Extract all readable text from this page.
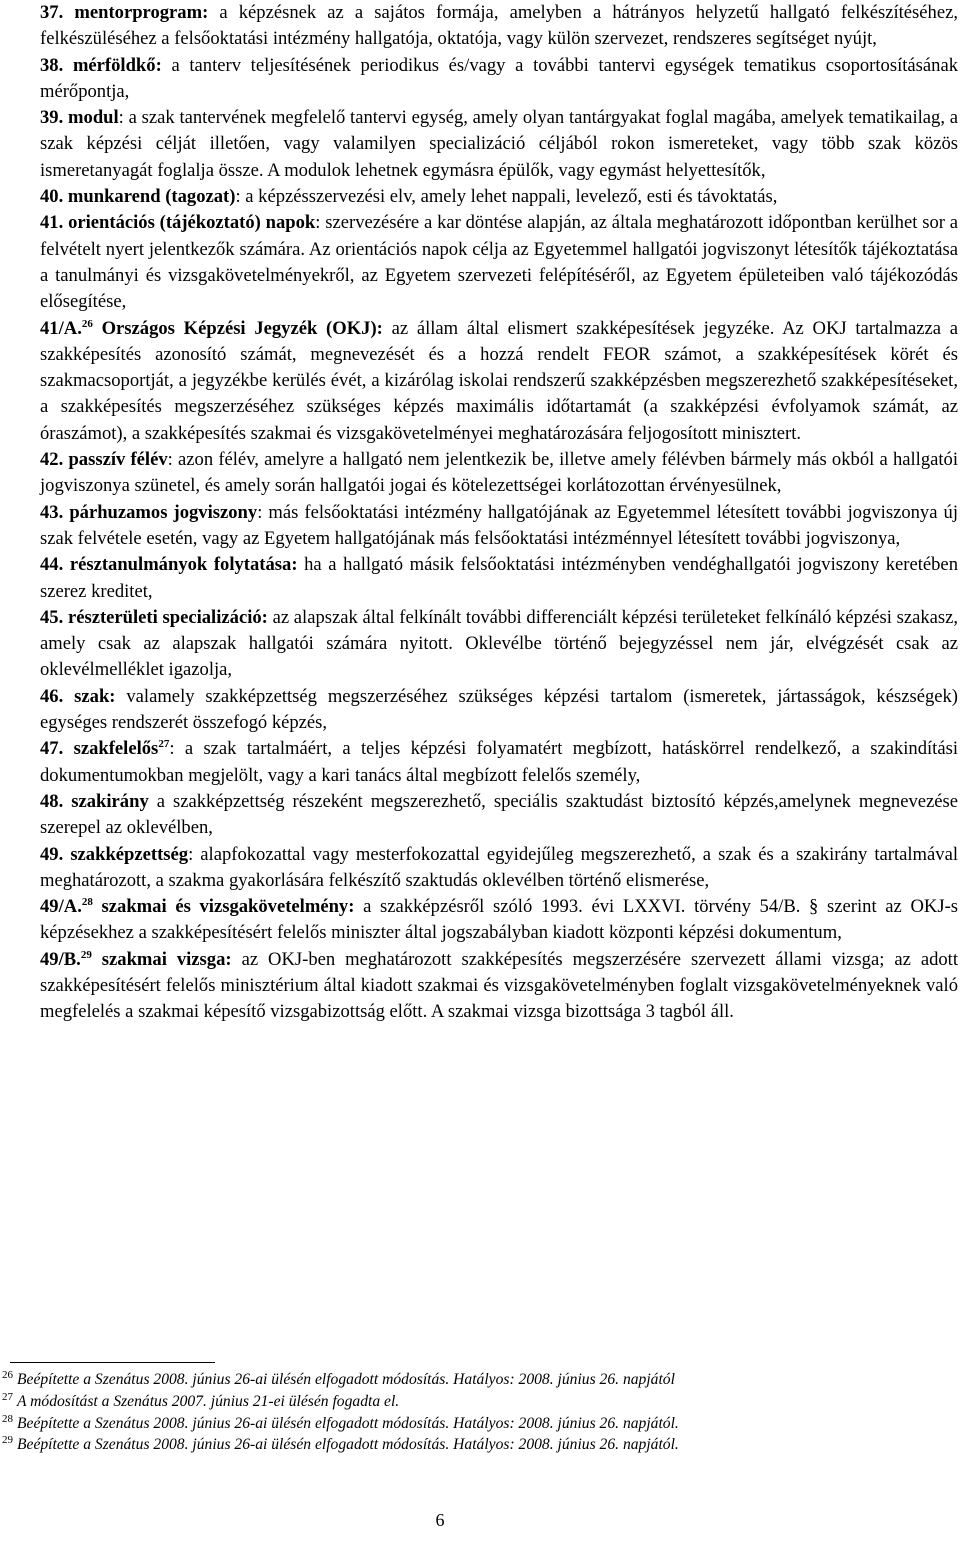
37. mentorprogram: a képzésnek az a sajátos formája, amelyben a hátrányos helyzetű hallgató felkészítéséhez, felkészüléséhez a felsőoktatási intézmény hallgatója, oktatója, vagy külön szervezet, rendszeres segítséget nyújt,

38. mérföldkő: a tanterv teljesítésének periodikus és/vagy a további tantervi egységek tematikus csoportosításának mérőpontja,

39. modul: a szak tantervének megfelelő tantervi egység, amely olyan tantárgyakat foglal magába, amelyek tematikailag, a szak képzési célját illetően, vagy valamilyen specializáció céljából rokon ismereteket, vagy több szak közös ismeretanyagát foglalja össze. A modulok lehetnek egymásra épülők, vagy egymást helyettesítők,

40. munkarend (tagozat): a képzésszervezési elv, amely lehet nappali, levelező, esti és távoktatás,

41. orientációs (tájékoztató) napok: szervezésére a kar döntése alapján, az általa meghatározott időpontban kerülhet sor a felvételt nyert jelentkezők számára. Az orientációs napok célja az Egyetemmel hallgatói jogviszonyt létesítők tájékoztatása a tanulmányi és vizsgakövetelményekről, az Egyetem szervezeti felépítéséről, az Egyetem épületeiben való tájékozódás elősegítése,

41/A.$^{26}$ Országos Képzési Jegyzék (OKJ): az állam által elismert szakképesítések jegyzéke. Az OKJ tartalmazza a szakképesítés azonosító számát, megnevezését és a hozzá rendelt FEOR számot, a szakképesítések körét és szakmacsoportját, a jegyzékbe kerülés évét, a kizárólag iskolai rendszerű szakképzésben megszerezhető szakképesítéseket, a szakképesítés megszerzéséhez szükséges képzés maximális időtartamát (a szakképzési évfolyamok számát, az óraszámot), a szakképesítés szakmai és vizsgakövetelményei meghatározására feljogosított minisztert.

42. passzív félév: azon félév, amelyre a hallgató nem jelentkezik be, illetve amely félévben bármely más okból a hallgatói jogviszonya szünetel, és amely során hallgatói jogai és kötelezettségei korlátozottan érvényesülnek,

43. párhuzamos jogviszony: más felsőoktatási intézmény hallgatójának az Egyetemmel létesített további jogviszonya új szak felvétele esetén, vagy az Egyetem hallgatójának más felsőoktatási intézménnyel létesített további jogviszonya,

44. résztanulmányok folytatása: ha a hallgató másik felsőoktatási intézményben vendéghallgatói jogviszony keretében szerez kreditet,

45. részterületi specializáció: az alapszak által felkínált további differenciált képzési területeket felkínáló képzési szakasz, amely csak az alapszak hallgatói számára nyitott. Oklevélbe történő bejegyzéssel nem jár, elvégzését csak az oklevélmelléklet igazolja,

46. szak: valamely szakképzettség megszerzéséhez szükséges képzési tartalom (ismeretek, jártasságok, készségek) egységes rendszerét összefogó képzés,

47. szakfelelős$^{27}$: a szak tartalmáért, a teljes képzési folyamatért megbízott, hatáskörrel rendelkező, a szakindítási dokumentumokban megjelölt, vagy a kari tanács által megbízott felelős személy,

48. szakirány a szakképzettség részeként megszerezhető, speciális szaktudást biztosító képzés,amelynek megnevezése szerepel az oklevélben,

49. szakképzettség: alapfokozattal vagy mesterfokozattal egyidejűleg megszerezhető, a szak és a szakirány tartalmával meghatározott, a szakma gyakorlására felkészítő szaktudás oklevélben történő elismerése,

49/A.$^{28}$ szakmai és vizsgakövetelmény: a szakképzésről szóló 1993. évi LXXVI. törvény 54/B. § szerint az OKJ-s képzésekhez a szakképesítésért felelős miniszter által jogszabályban kiadott központi képzési dokumentum,

49/B.$^{29}$ szakmai vizsga: az OKJ-ben meghatározott szakképesítés megszerzésére szervezett állami vizsga; az adott szakképesítésért felelős minisztérium által kiadott szakmai és vizsgakövetelményben foglalt vizsgakövetelményeknek való megfelelés a szakmai képesítő vizsgabizottság előtt. A szakmai vizsga bizottsága 3 tagból áll.

$^{26}$ Beépítette a Szenátus 2008. június 26-ai ülésén elfogadott módosítás. Hatályos: 2008. június 26. napjától
$^{27}$ A módosítást a Szenátus 2007. június 21-ei ülésén fogadta el.
$^{28}$ Beépítette a Szenátus 2008. június 26-ai ülésén elfogadott módosítás. Hatályos: 2008. június 26. napjától.
$^{29}$ Beépítette a Szenátus 2008. június 26-ai ülésén elfogadott módosítás. Hatályos: 2008. június 26. napjától.
6
